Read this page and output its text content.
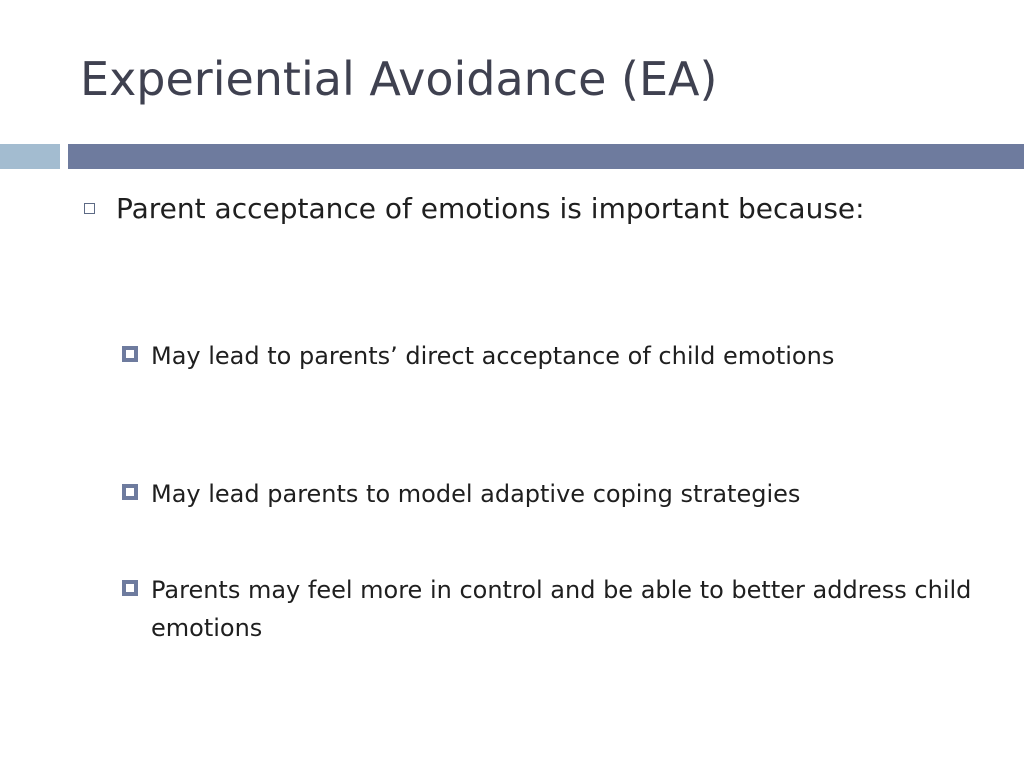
Experiential Avoidance (EA)
Parent acceptance of emotions is important because:
May lead to parents’ direct acceptance of child emotions
May lead parents to model adaptive coping strategies
Parents may feel more in control and be able to better address child emotions
